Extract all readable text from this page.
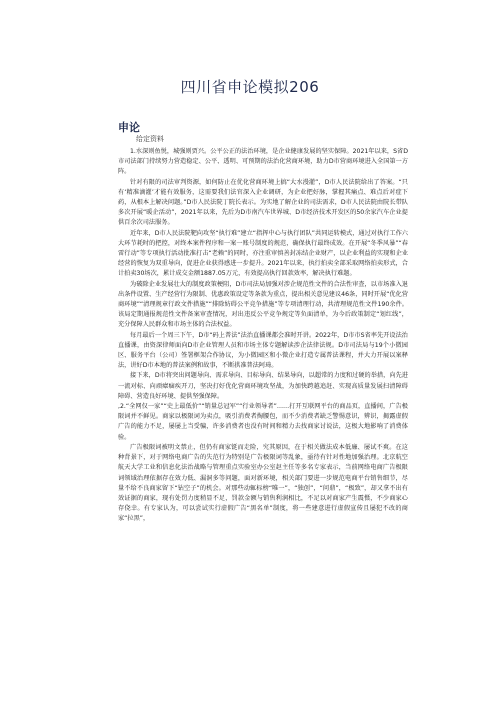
四川省申论模拟206
申论
给定资料

1.水深则鱼悦，城强则贾兴。公平公正的法治环境，是企业健康发展的坚实保障。2021年以来，S省D市司法部门持续努力营造稳定、公平、透明、可预期的法治化营商环境，助力D市营商环境进入全国第一方阵。

针对有限的司法审判资源，如何防止在优化营商环境上搞“大水漫灌”，D市人民法院给出了答案。“只有‘精准滴灌’才能有效服务，这需要我们法官深入企业调研，为企业把好脉，掌握其痛点、难点后对症下药，从根本上解决问题。”D市人民法院丁院长表示。为实地了解企业的司法需求，D市人民法院由院长带队多次开展“暖企活动”，2021年以来，先后为D市南汽车世界城、D市经济技术开发区的50余家汽车企业提供百余次司法服务。

近年来，D市人民法院靶向攻坚“执行难”建立“指挥中心与执行团队”共同运转模式，通过对执行工作六大环节耗时的把控，对终本案件程序和一案一账号制度的规范，确保执行最终成效。在开展“冬季风暴”“春雷行动”等专项执行活动批准打击“老赖”的同时，亦注重审慎善封冻结企业财产，以企业利益的实现和企业经营的恢复为双重导向，促进企业获得感进一步提升。2021年以来，执行拍卖全部采取网络拍卖形式，合计拍卖30场次，累计成交金额1887.05万元，有效提高执行回款效率，解决执行难题。

为破除企业发展壮大的制度政策梗阻，D市司法局加强对涉企规范性文件的合法性审查，以市场准入退出条件设置、生产经营行为限制、优惠政策设定等条款为重点，提出相关意见建议46条，同时开展“优化营商环境”“清理规章行政文件措施”“排除妨碍公平竞争措施”等专项清理行动，共清理规范性文件190余件。该局定期通报规范性文件备案审查情况，对出违反公平竞争规定等负面清单，为今后政策制定“划红线”，充分保障人民群众和市场主体的合法权益。

每月最后一个周三下午，D市“码上普法”法治直播课都会准时开讲。2022年，D市市S省率先开设法治直播课，由资深律师面向D市企业管理人员和市场主体专题解读涉企法律法规。D市司法局与19个小微园区、服务平台（公司）签署框架合作协议，为小微园区和小微企业打造专属普法课程，并大力开展以案释法，讲好D市本地的普法案例和故事，不断拱准普法阿琦。

接下来，D市将突出问题导向、需求导向、目标导向、结果导向，以超常的力度和过硬的举措，向先进一流对标、向顽瘴痼疾开刀，坚决打好优化营商环境攻坚战，为加快跨越追赶、实现高质量发展扫清障碍障碍、营造良好环境、提供坚强保障。

,2.“全网仅一家”“史上最低价”“销量总冠军”“行业领导者”……打开互联网平台的商品页，直播间，广告极限词并不鲜见。商家以极限词为卖点，吸引消费者掏腰包，而不少消费者缺乏警惕意识，辨识，揭露虚假广告的能力不足，屡屡上当受骗，许多消费者也没有时间和精力去找商家讨说法，这极大地影响了消费体验。

广告极限词被明文禁止，但仍有商家铤而走险，究其原因，在于相关做法成本低廉、屡试不爽。在这种背景下，对于网络电商广告的失范行为特别是广告极限词等乱象，亟待有针对性地加强治理。北京航空航天大学工业和信息化法治战略与管理重点实验室办公室赵主任等多名专家表示，当前网络电商广告极限词领域治理依据存在效力低、漏洞多等问题，面对新环境，相关部门要进一步规范电商平台销售细节，尽量不给不良商家留下“钻空子”的机会。对那些动辄标榜“唯一”，“独创”，“问鼎”，“极致”，却又拿不出有效证据的商家，现有处罚力度稍显不足，罚款金额与销售利润相比，不足以对商家产生震慑，不少商家心存侥幸。有专家认为，可以尝试实行虚假广告“黑名单”制度，将一些建意进行虚假宣传且屡犯不改的商家“拉黑”，
